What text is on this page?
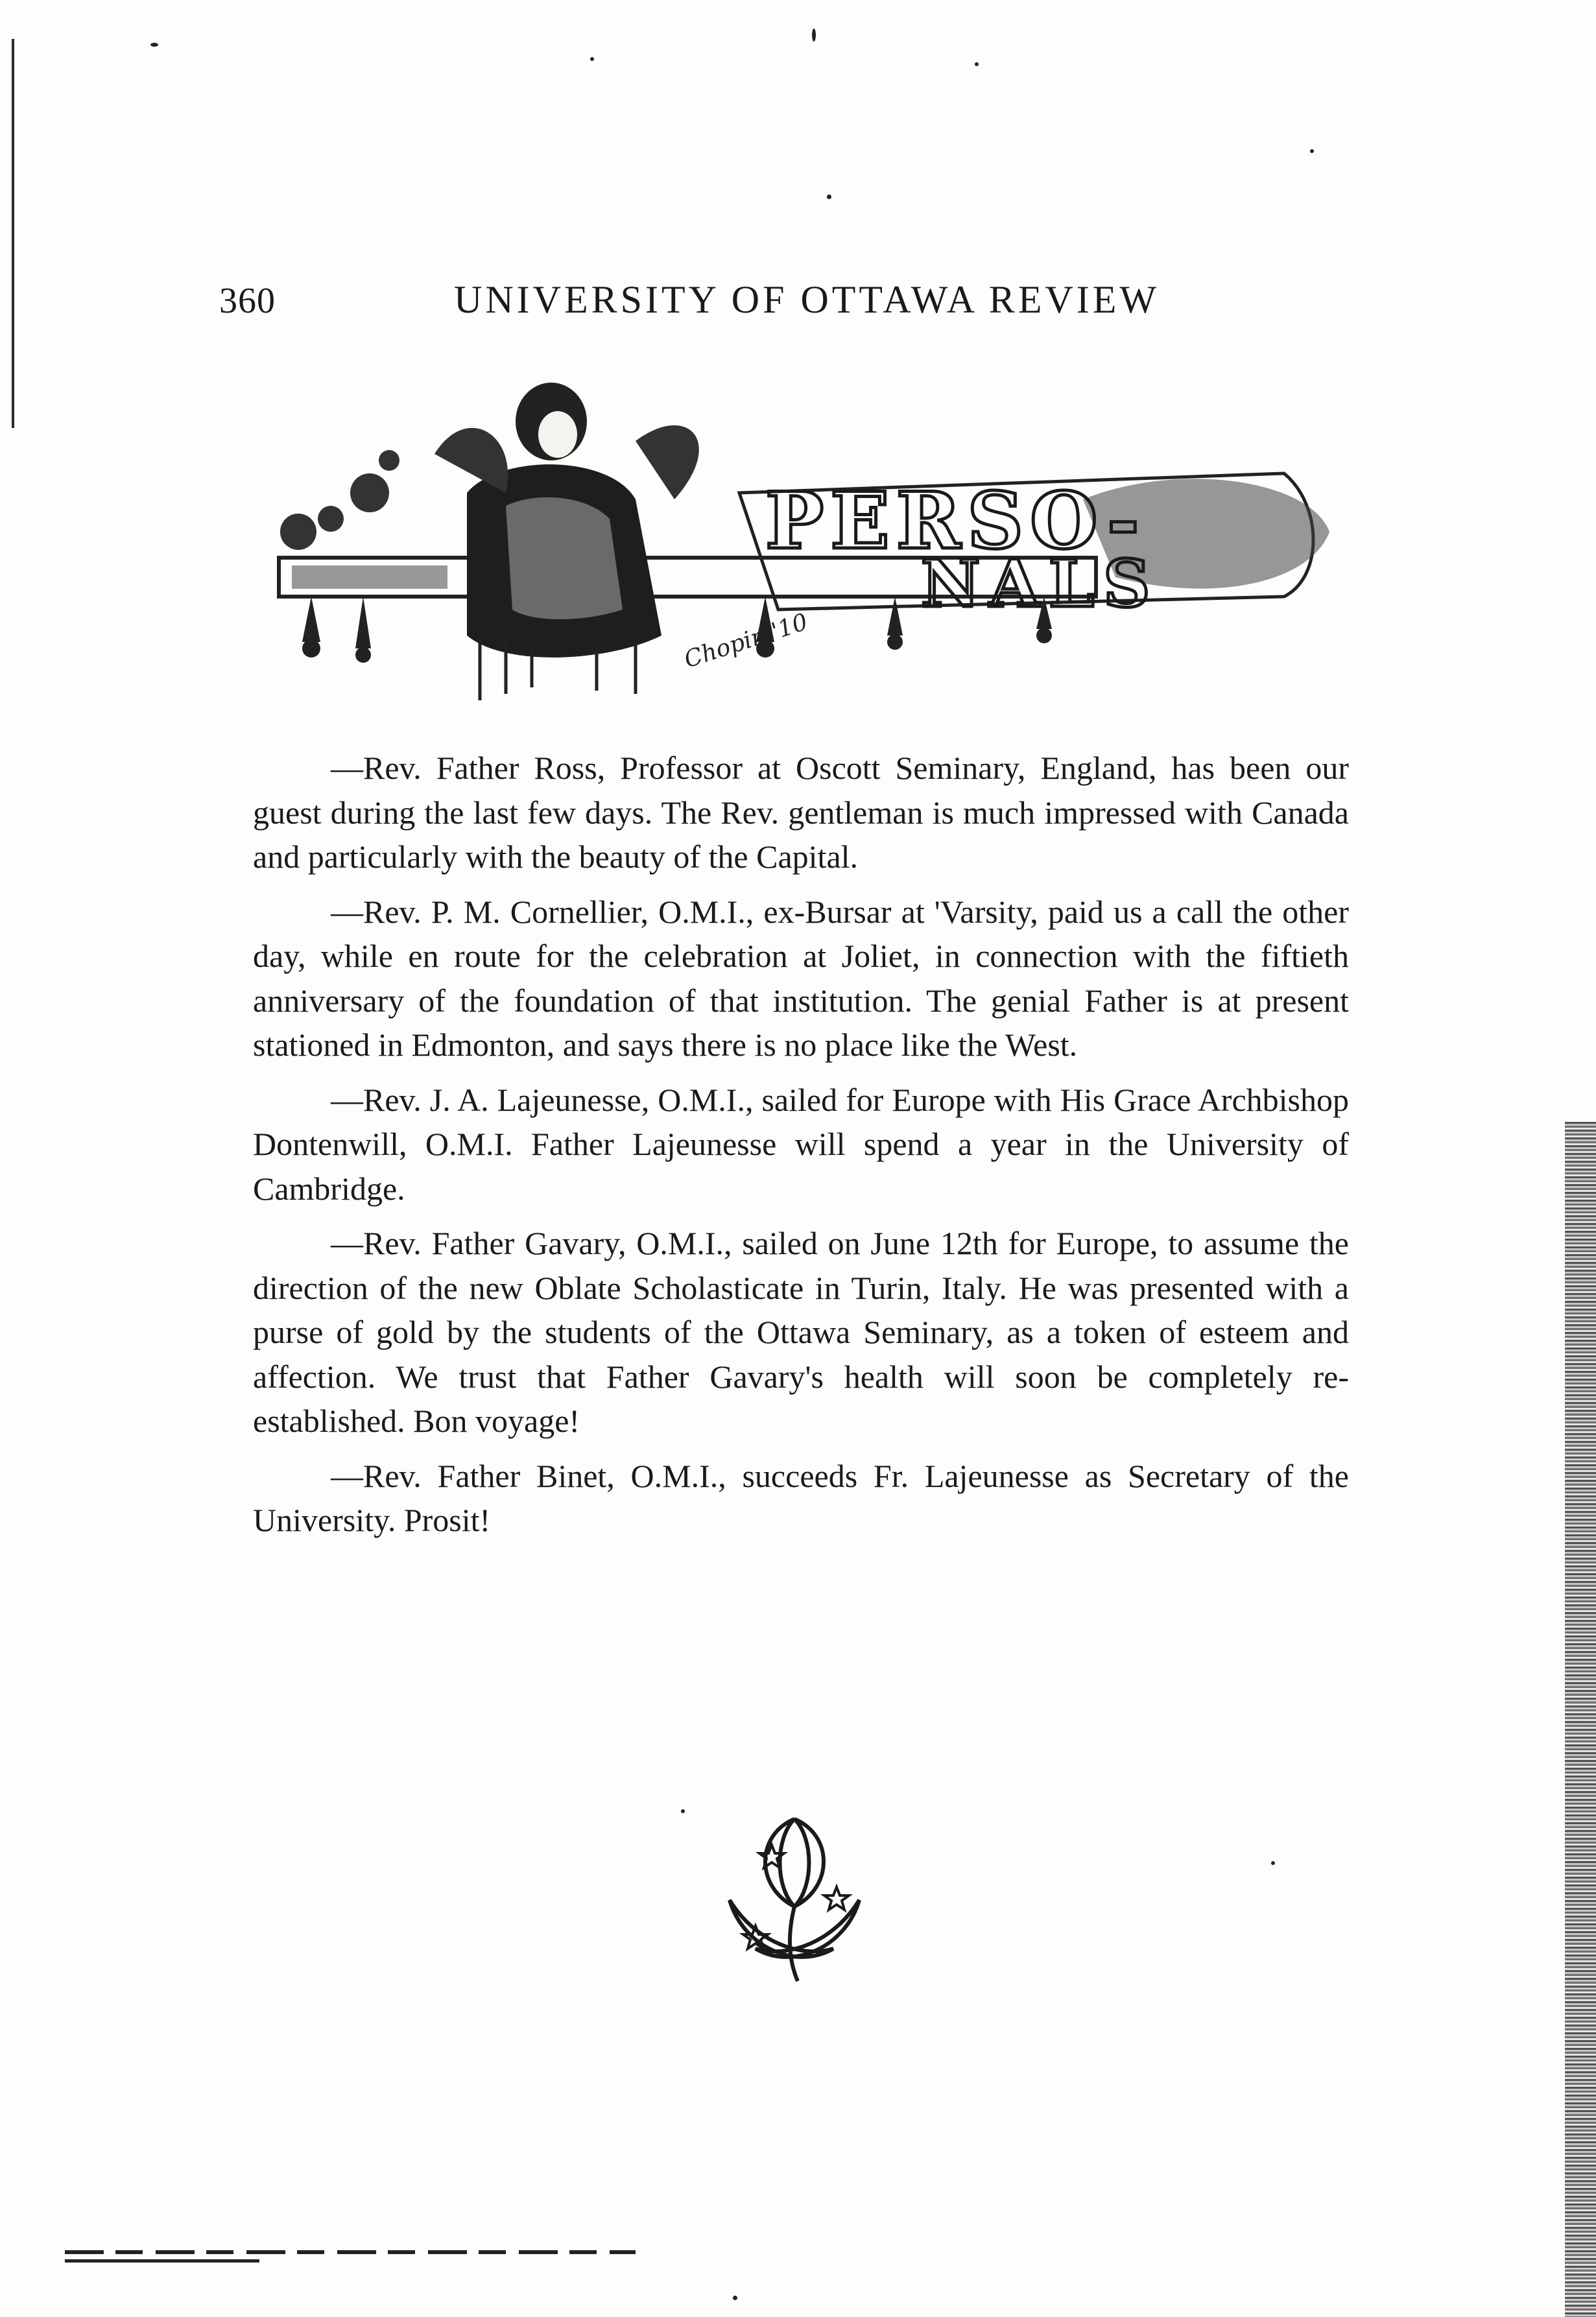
360	UNIVERSITY OF OTTAWA REVIEW
PERSO-
NALS
Chopin '10

—Rev. Father Ross, Professor at Oscott Seminary, England, has been our guest during the last few days. The Rev. gentleman is much impressed with Canada and particularly with the beauty of the Capital.

—Rev. P. M. Cornellier, O.M.I., ex-Bursar at 'Varsity, paid us a call the other day, while en route for the celebration at Joliet, in connection with the fiftieth anniversary of the foundation of that institution. The genial Father is at present stationed in Edmonton, and says there is no place like the West.

—Rev. J. A. Lajeunesse, O.M.I., sailed for Europe with His Grace Archbishop Dontenwill, O.M.I. Father Lajeunesse will spend a year in the University of Cambridge.

—Rev. Father Gavary, O.M.I., sailed on June 12th for Europe, to assume the direction of the new Oblate Scholasticate in Turin, Italy. He was presented with a purse of gold by the students of the Ottawa Seminary, as a token of esteem and affection. We trust that Father Gavary's health will soon be completely re-established. Bon voyage!

—Rev. Father Binet, O.M.I., succeeds Fr. Lajeunesse as Secretary of the University. Prosit!
